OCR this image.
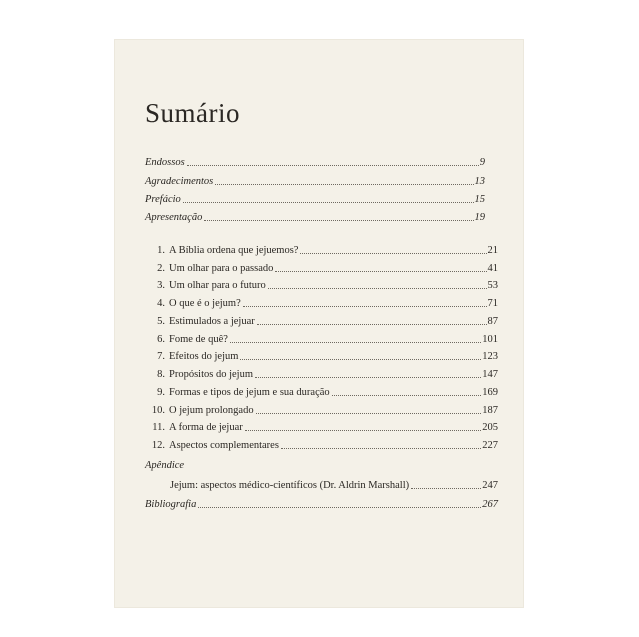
Sumário
Endossos	9
Agradecimentos	13
Prefácio	15
Apresentação	19
1. A Bíblia ordena que jejuemos?	21
2. Um olhar para o passado	41
3. Um olhar para o futuro	53
4. O que é o jejum?	71
5. Estimulados a jejuar	87
6. Fome de quê?	101
7. Efeitos do jejum	123
8. Propósitos do jejum	147
9. Formas e tipos de jejum e sua duração	169
10. O jejum prolongado	187
11. A forma de jejuar	205
12. Aspectos complementares	227
Apêndice
Jejum: aspectos médico-científicos (Dr. Aldrin Marshall)	247
Bibliografia	267
